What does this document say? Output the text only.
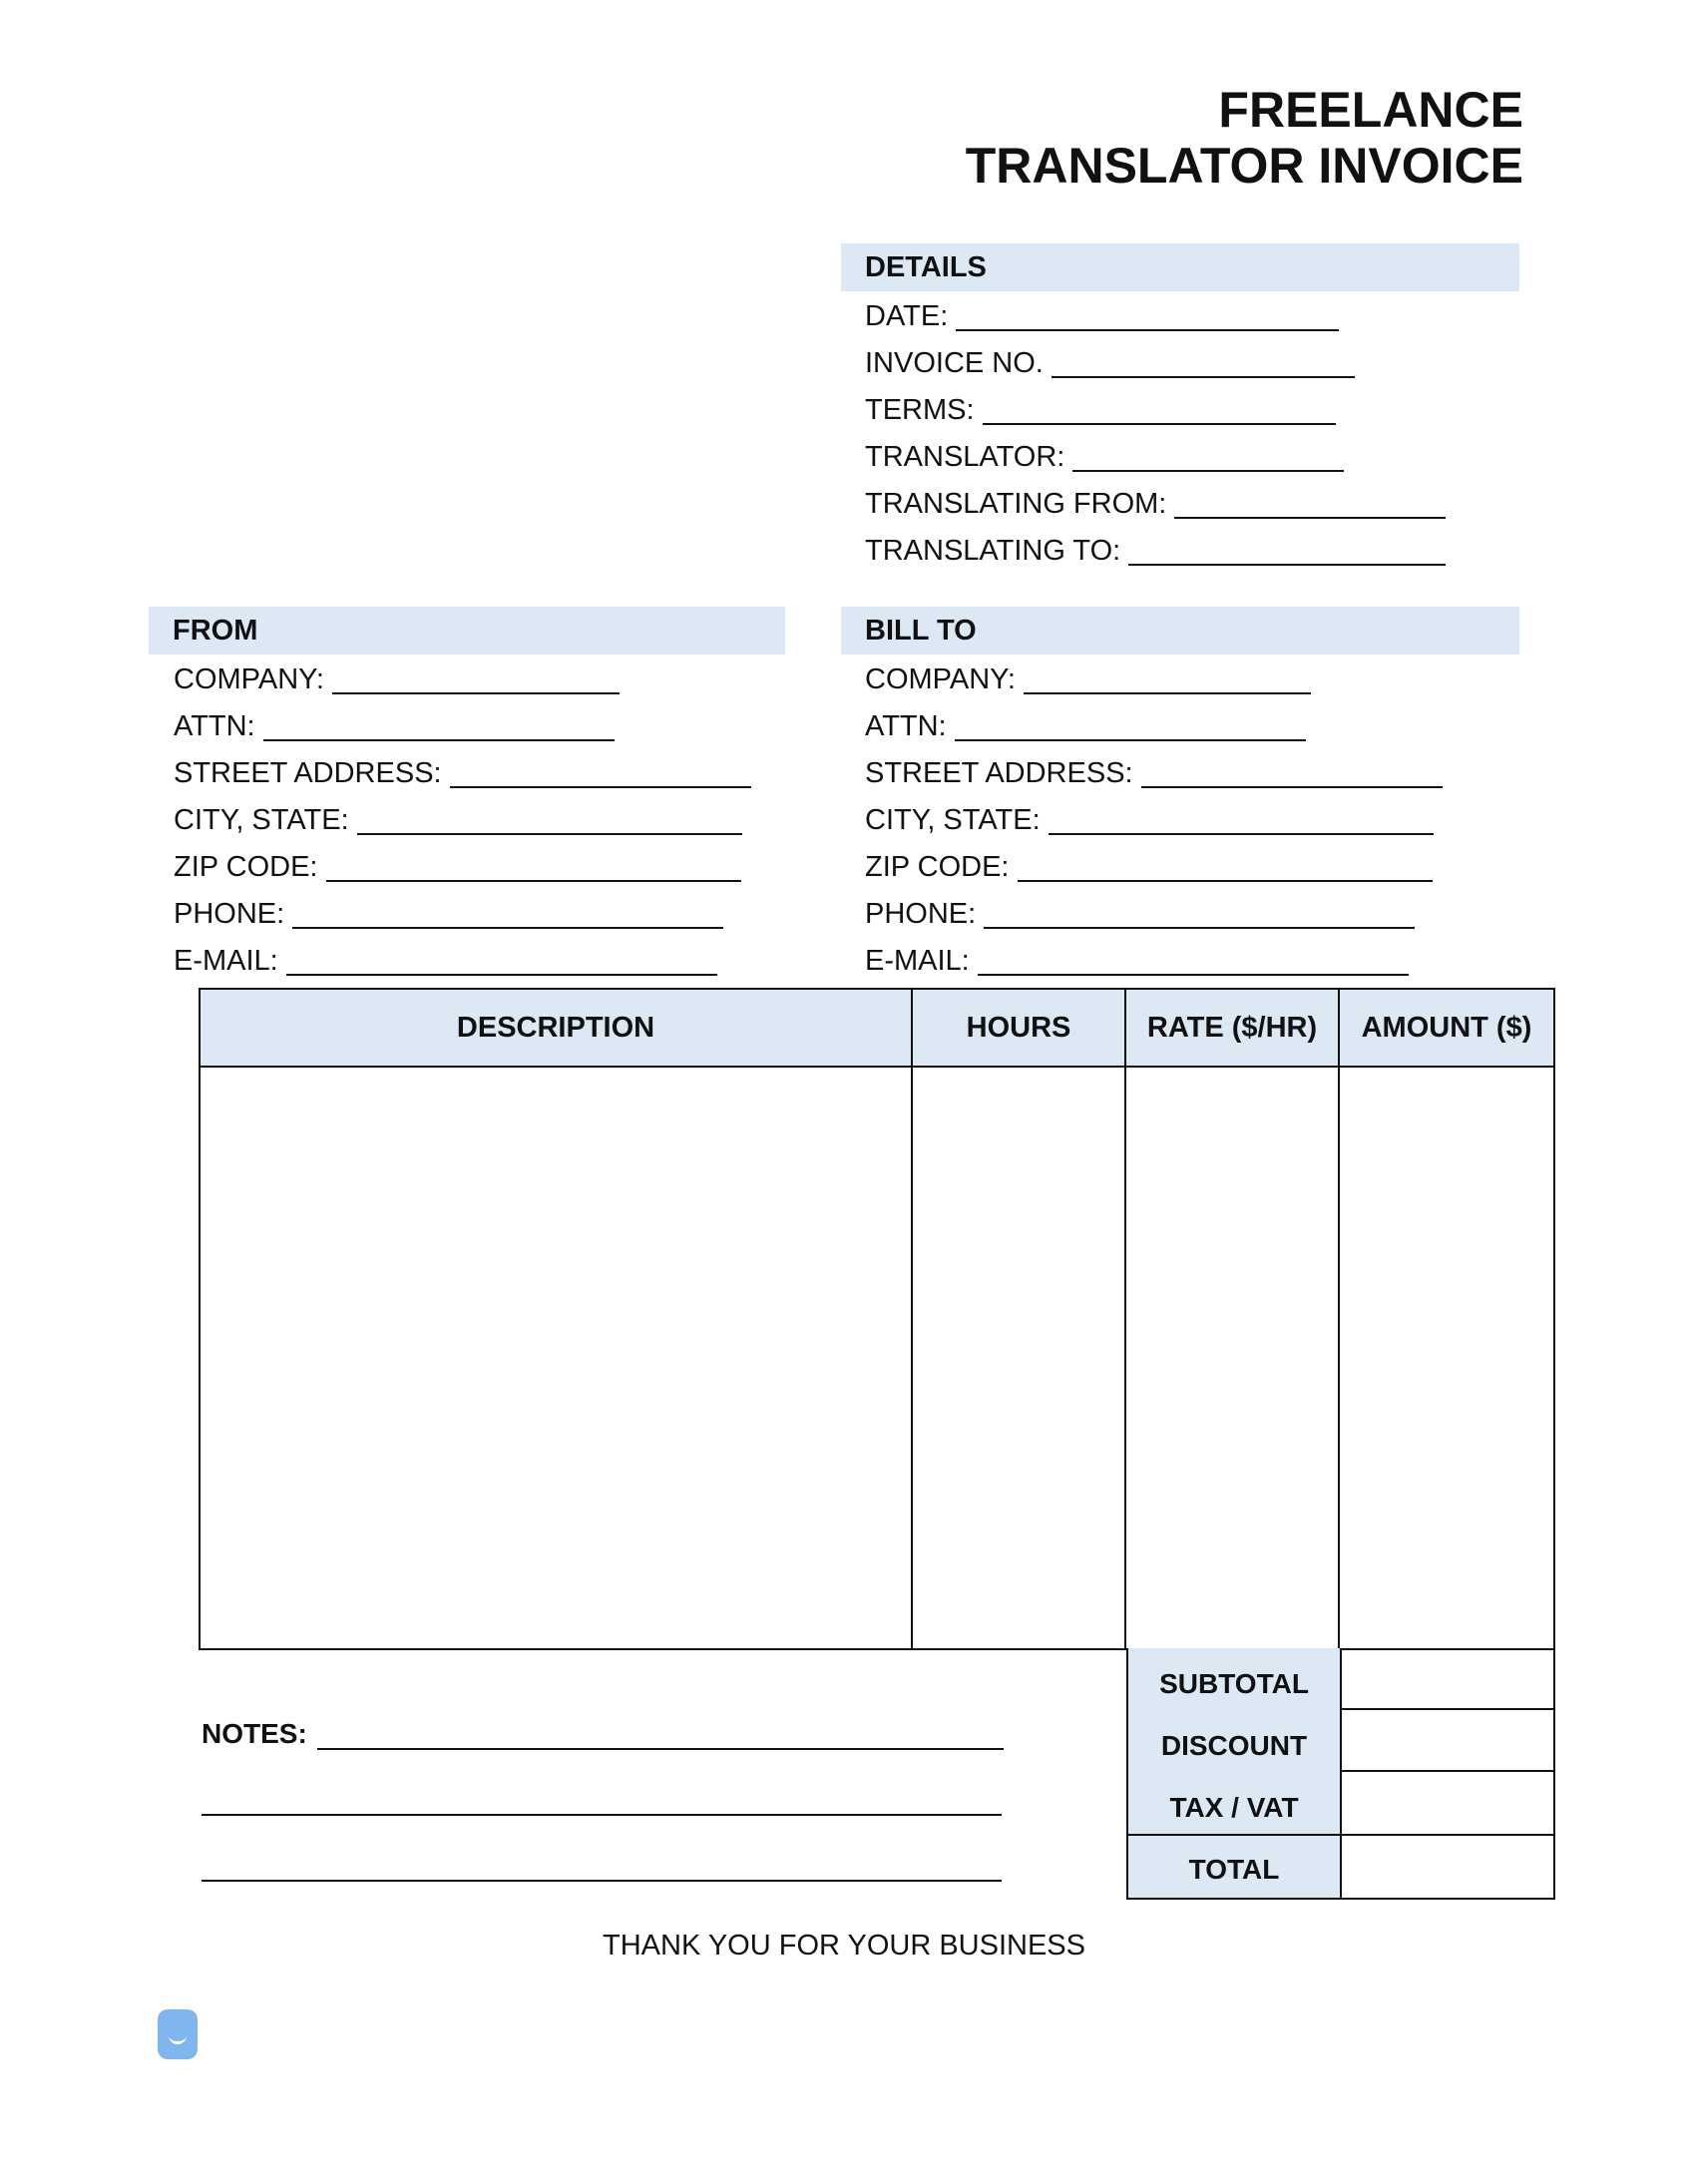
FREELANCE
TRANSLATOR INVOICE
DETAILS
DATE:
INVOICE NO.
TERMS:
TRANSLATOR:
TRANSLATING FROM:
TRANSLATING TO:
FROM
COMPANY:
ATTN:
STREET ADDRESS:
CITY, STATE:
ZIP CODE:
PHONE:
E-MAIL:
BILL TO
COMPANY:
ATTN:
STREET ADDRESS:
CITY, STATE:
ZIP CODE:
PHONE:
E-MAIL:
DESCRIPTION	HOURS	RATE ($/HR)	AMOUNT ($)
SUBTOTAL
DISCOUNT
TAX / VAT
TOTAL
NOTES:
THANK YOU FOR YOUR BUSINESS
